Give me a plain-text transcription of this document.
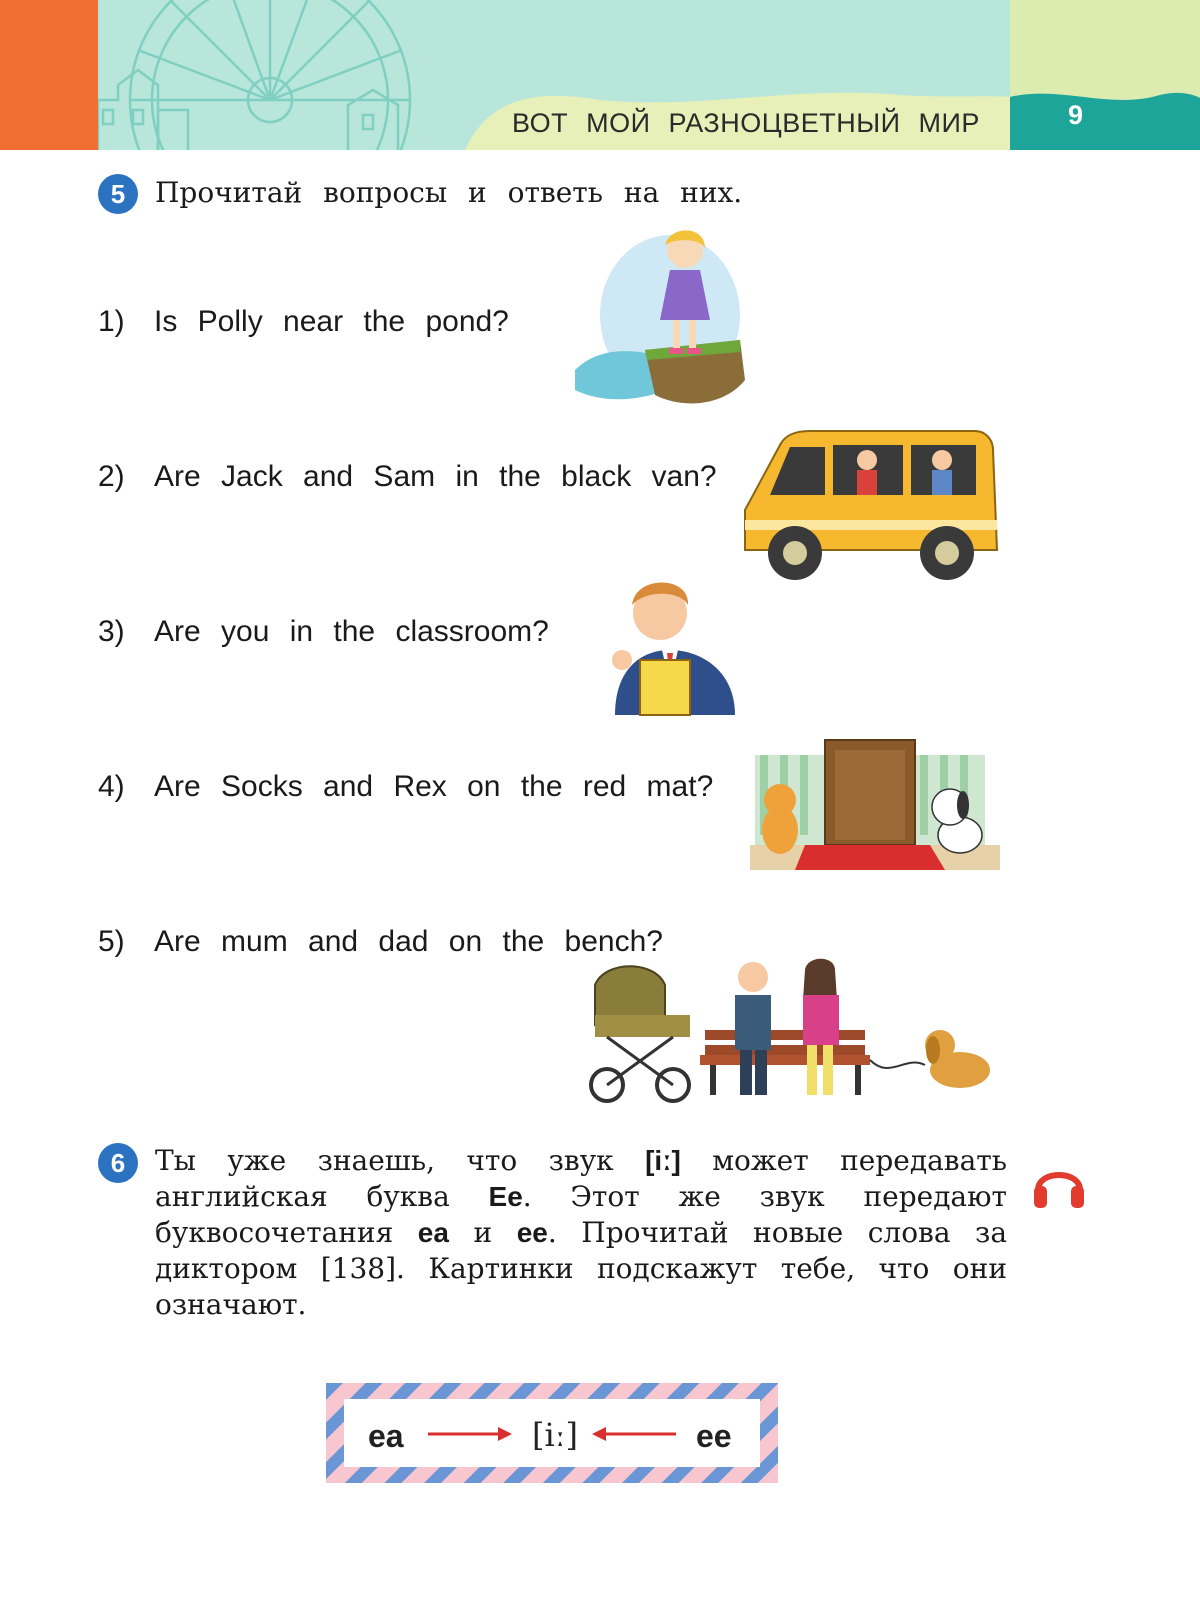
ВОТ МОЙ РАЗНОЦВЕТНЫЙ МИР	9
5	Прочитай вопросы и ответь на них.
1) Is Polly near the pond?
2) Are Jack and Sam in the black van?
3) Are you in the classroom?
4) Are Socks and Rex on the red mat?
5) Are mum and dad on the bench?
6	Ты уже знаешь, что звук [iː] может передавать английская буква Ee. Этот же звук передают буквосочетания ea и ee. Прочитай новые слова за диктором [138]. Картинки подскажут тебе, что они означают.
ea	[iː]	ee
